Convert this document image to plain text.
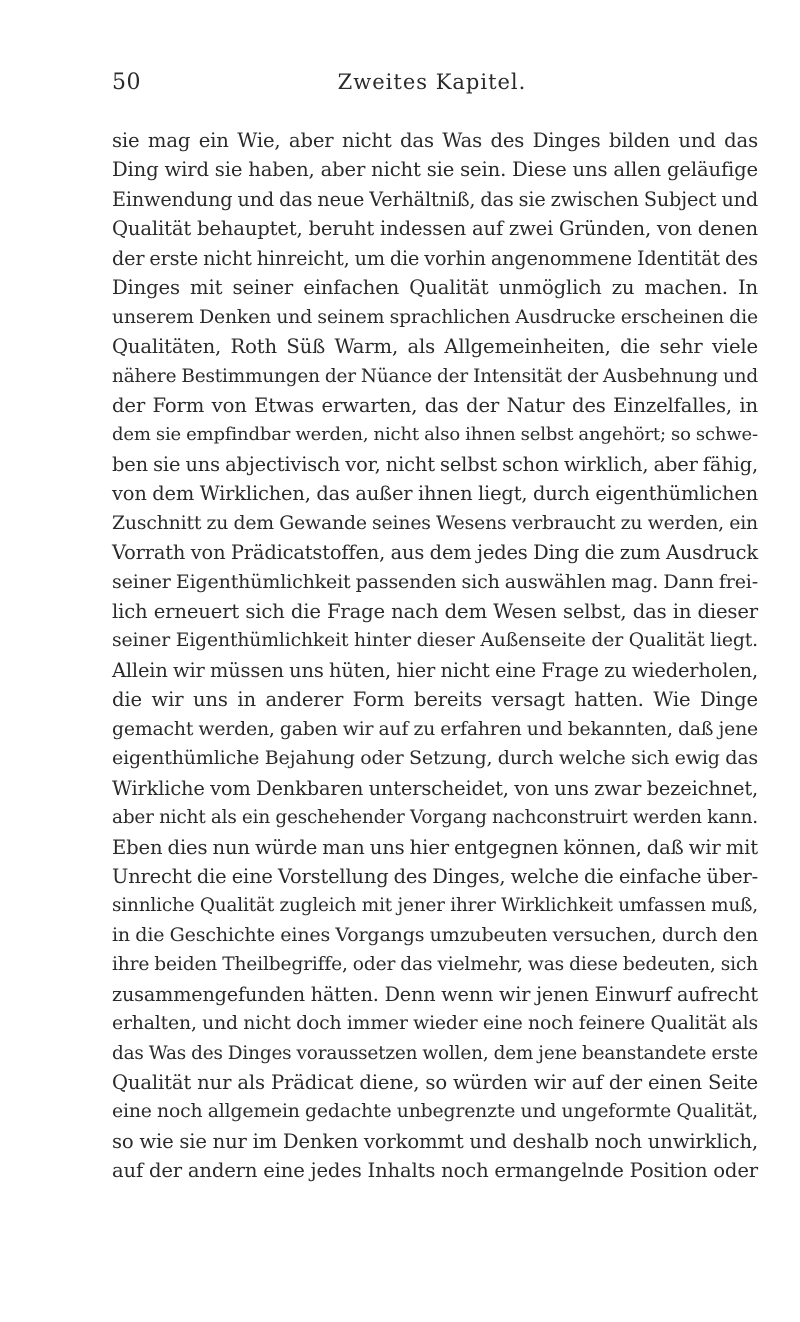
50	Zweites Kapitel.
sie mag ein Wie, aber nicht das Was des Dinges bilden und das
Ding wird sie haben, aber nicht sie sein. Diese uns allen geläufige
Einwendung und das neue Verhältniß, das sie zwischen Subject und
Qualität behauptet, beruht indessen auf zwei Gründen, von denen
der erste nicht hinreicht, um die vorhin angenommene Identität des
Dinges mit seiner einfachen Qualität unmöglich zu machen. In
unserem Denken und seinem sprachlichen Ausdrucke erscheinen die
Qualitäten, Roth Süß Warm, als Allgemeinheiten, die sehr viele
nähere Bestimmungen der Nüance der Intensität der Ausbehnung und
der Form von Etwas erwarten, das der Natur des Einzelfalles, in
dem sie empfindbar werden, nicht also ihnen selbst angehört; so schwe-
ben sie uns abjectivisch vor, nicht selbst schon wirklich, aber fähig,
von dem Wirklichen, das außer ihnen liegt, durch eigenthümlichen
Zuschnitt zu dem Gewande seines Wesens verbraucht zu werden, ein
Vorrath von Prädicatstoffen, aus dem jedes Ding die zum Ausdruck
seiner Eigenthümlichkeit passenden sich auswählen mag. Dann frei-
lich erneuert sich die Frage nach dem Wesen selbst, das in dieser
seiner Eigenthümlichkeit hinter dieser Außenseite der Qualität liegt.
Allein wir müssen uns hüten, hier nicht eine Frage zu wiederholen,
die wir uns in anderer Form bereits versagt hatten. Wie Dinge
gemacht werden, gaben wir auf zu erfahren und bekannten, daß jene
eigenthümliche Bejahung oder Setzung, durch welche sich ewig das
Wirkliche vom Denkbaren unterscheidet, von uns zwar bezeichnet,
aber nicht als ein geschehender Vorgang nachconstruirt werden kann.
Eben dies nun würde man uns hier entgegnen können, daß wir mit
Unrecht die eine Vorstellung des Dinges, welche die einfache über-
sinnliche Qualität zugleich mit jener ihrer Wirklichkeit umfassen muß,
in die Geschichte eines Vorgangs umzubeuten versuchen, durch den
ihre beiden Theilbegriffe, oder das vielmehr, was diese bedeuten, sich
zusammengefunden hätten. Denn wenn wir jenen Einwurf aufrecht
erhalten, und nicht doch immer wieder eine noch feinere Qualität als
das Was des Dinges voraussetzen wollen, dem jene beanstandete erste
Qualität nur als Prädicat diene, so würden wir auf der einen Seite
eine noch allgemein gedachte unbegrenzte und ungeformte Qualität,
so wie sie nur im Denken vorkommt und deshalb noch unwirklich,
auf der andern eine jedes Inhalts noch ermangelnde Position oder
